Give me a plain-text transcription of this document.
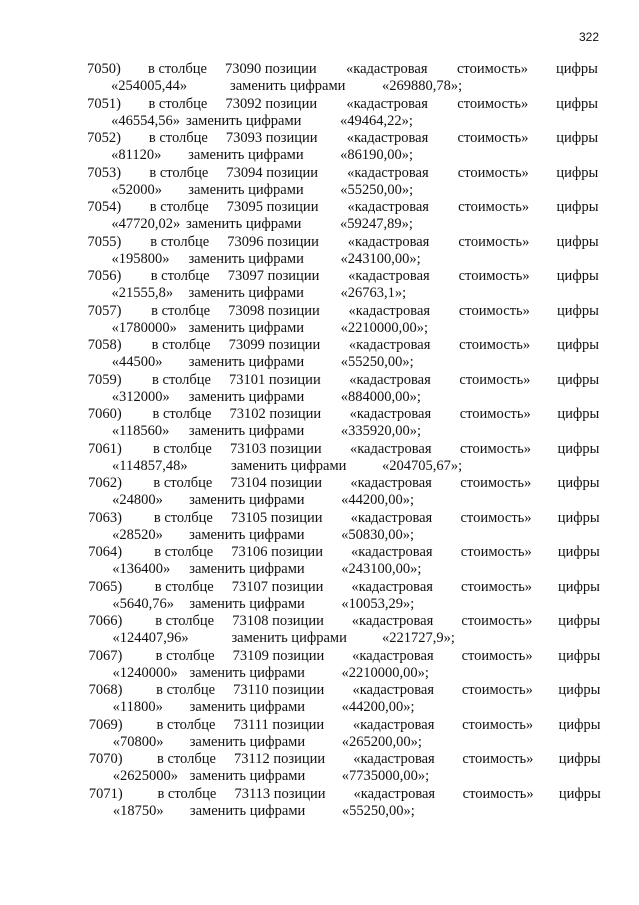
322
7050) в столбце 73090 позиции «кадастровая стоимость» цифры
«254005,44»	заменить цифрами	«269880,78»;
7051) в столбце 73092 позиции «кадастровая стоимость» цифры
«46554,56» заменить цифрами	«49464,22»;
7052) в столбце 73093 позиции «кадастровая стоимость» цифры
«81120» заменить цифрами	«86190,00»;
7053) в столбце 73094 позиции «кадастровая стоимость» цифры
«52000» заменить цифрами	«55250,00»;
7054) в столбце 73095 позиции «кадастровая стоимость» цифры
«47720,02» заменить цифрами	«59247,89»;
7055) в столбце 73096 позиции «кадастровая стоимость» цифры
«195800» заменить цифрами	«243100,00»;
7056) в столбце 73097 позиции «кадастровая стоимость» цифры
«21555,8» заменить цифрами	«26763,1»;
7057) в столбце 73098 позиции «кадастровая стоимость» цифры
«1780000» заменить цифрами	«2210000,00»;
7058) в столбце 73099 позиции «кадастровая стоимость» цифры
«44500» заменить цифрами	«55250,00»;
7059) в столбце 73101 позиции «кадастровая стоимость» цифры
«312000» заменить цифрами	«884000,00»;
7060) в столбце 73102 позиции «кадастровая стоимость» цифры
«118560» заменить цифрами	«335920,00»;
7061) в столбце 73103 позиции «кадастровая стоимость» цифры
«114857,48»	заменить цифрами «204705,67»;
7062) в столбце 73104 позиции «кадастровая стоимость» цифры
«24800» заменить цифрами	«44200,00»;
7063) в столбце 73105 позиции «кадастровая стоимость» цифры
«28520» заменить цифрами	«50830,00»;
7064) в столбце 73106 позиции «кадастровая стоимость» цифры
«136400» заменить цифрами	«243100,00»;
7065) в столбце 73107 позиции «кадастровая стоимость» цифры
«5640,76» заменить цифрами	«10053,29»;
7066) в столбце 73108 позиции «кадастровая стоимость» цифры
«124407,96»	заменить цифрами «221727,9»;
7067) в столбце 73109 позиции «кадастровая стоимость» цифры
«1240000» заменить цифрами	«2210000,00»;
7068) в столбце 73110 позиции «кадастровая стоимость» цифры
«11800» заменить цифрами	«44200,00»;
7069) в столбце 73111 позиции «кадастровая стоимость» цифры
«70800» заменить цифрами	«265200,00»;
7070) в столбце 73112 позиции «кадастровая стоимость» цифры
«2625000» заменить цифрами	«7735000,00»;
7071) в столбце 73113 позиции «кадастровая стоимость» цифры
«18750» заменить цифрами	«55250,00»;
